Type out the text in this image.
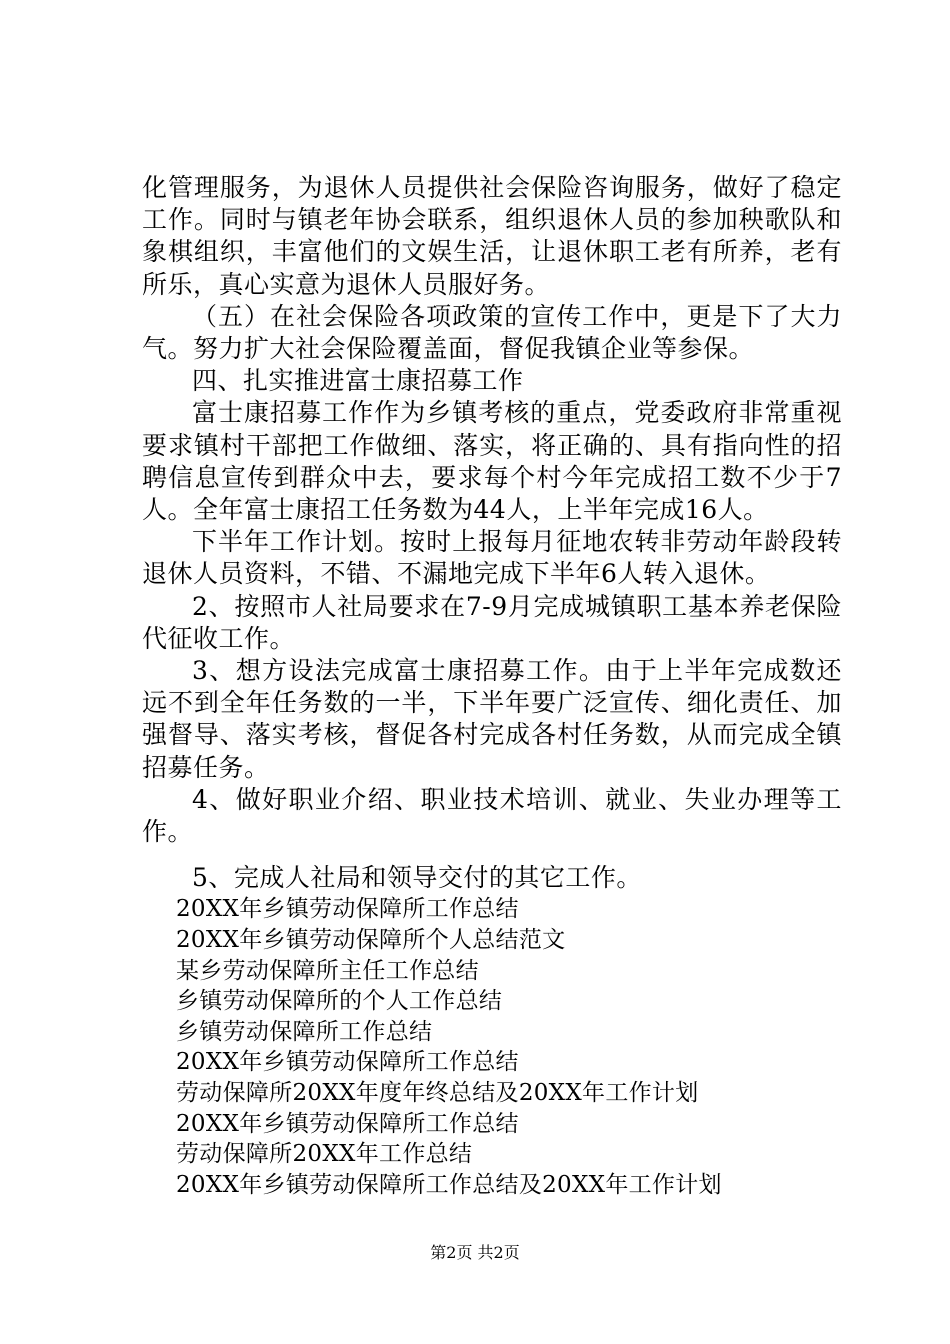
化管理服务，为退休人员提供社会保险咨询服务，做好了稳定工作。同时与镇老年协会联系，组织退休人员的参加秧歌队和象棋组织，丰富他们的文娱生活，让退休职工老有所养，老有所乐，真心实意为退休人员服好务。

（五）在社会保险各项政策的宣传工作中，更是下了大力气。努力扩大社会保险覆盖面，督促我镇企业等参保。

四、扎实推进富士康招募工作

富士康招募工作作为乡镇考核的重点，党委政府非常重视要求镇村干部把工作做细、落实，将正确的、具有指向性的招聘信息宣传到群众中去，要求每个村今年完成招工数不少于7人。全年富士康招工任务数为44人，上半年完成16人。

下半年工作计划。按时上报每月征地农转非劳动年龄段转退休人员资料，不错、不漏地完成下半年6人转入退休。

2、按照市人社局要求在7-9月完成城镇职工基本养老保险代征收工作。

3、想方设法完成富士康招募工作。由于上半年完成数还远不到全年任务数的一半，下半年要广泛宣传、细化责任、加强督导、落实考核，督促各村完成各村任务数，从而完成全镇招募任务。

4、做好职业介绍、职业技术培训、就业、失业办理等工作。

5、完成人社局和领导交付的其它工作。

20XX年乡镇劳动保障所工作总结
20XX年乡镇劳动保障所个人总结范文
某乡劳动保障所主任工作总结
乡镇劳动保障所的个人工作总结
乡镇劳动保障所工作总结
20XX年乡镇劳动保障所工作总结
劳动保障所20XX年度年终总结及20XX年工作计划
20XX年乡镇劳动保障所工作总结
劳动保障所20XX年工作总结
20XX年乡镇劳动保障所工作总结及20XX年工作计划
第2页 共2页
